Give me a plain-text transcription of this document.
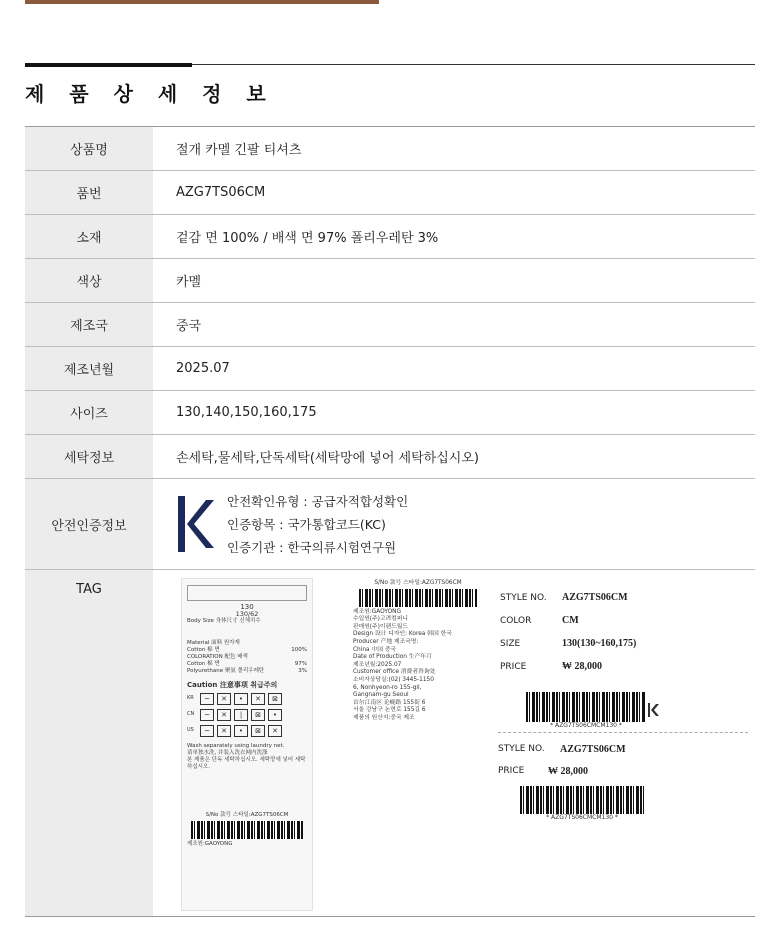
제 품 상 세 정 보
상품명	절개 카멜 긴팔 티셔츠
품번	AZG7TS06CM
소재	겉감 면 100% / 배색 면 97% 폴리우레탄 3%
색상	카멜
제조국	중국
제조년월	2025.07
사이즈	130,140,150,160,175
세탁정보	손세탁,물세탁,단독세탁(세탁망에 넣어 세탁하십시오)
안전인증정보
안전확인유형 : 공급자적합성확인
인증항목 : 국가통합코드(KC)
인증기관 : 한국의류시험연구원
TAG
130
130/62
Body Size 身体尺寸 신체치수
Material 面料 원자재
Cotton 棉 면	100%
COLORATION 配色 배색
Cotton 棉 면	97%
Polyurethane 聚氨 폴리우레탄	3%
Caution 注意事项 취급주의
KR	~	✕	•	✕	⊠
CN	~	✕	|	⊠	•
US	~	✕	•	⊠	✕
Wash separately using laundry net.
请单独水洗, 并装入洗衣网内洗涤
본 제품은 단독 세탁하십시오. 세탁망에 넣어 세탁하십시오.
S/No 款号 스타일:AZG7TS06CM
제조원:GAOYONG
S/No 款号 스타일:AZG7TS06CM
제조원:GAOYONG
수입원(주)고려컴퍼니
판매원(주)이랜드월드
Design 设计 디자인: Korea 韩国 한국
Producer 产地 제조국명:
China 中国 중국
Date of Production 生产年月
제조년월:2025.07
Customer office 消费者咨询处
소비자상담실:(02) 3445-1150
6, Nonhyeon-ro 155-gil,
Gangnam-gu Seoul
首尔江南区 论岘路 155街 6
서울 강남구 논현로 155길 6
제품의 원산지:중국 제조
STYLE NO.	AZG7TS06CM
COLOR	CM
SIZE	130(130~160,175)
PRICE	₩ 28,000
* AZG7TS06CMCM130 *
STYLE NO.	AZG7TS06CM
PRICE	₩ 28,000
* AZG7TS06CMCM130 *
